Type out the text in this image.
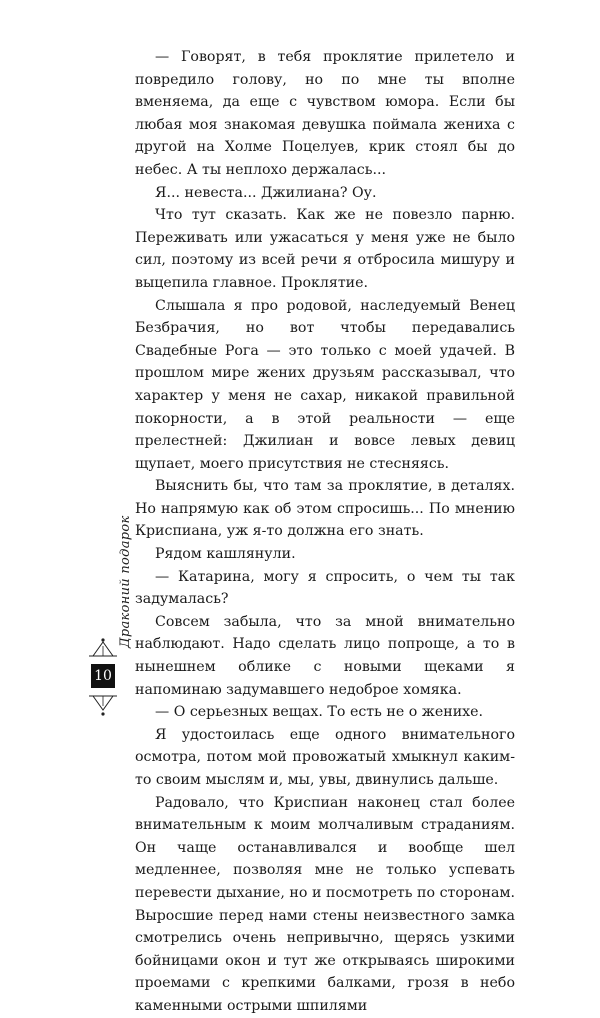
— Говорят, в тебя проклятие прилетело и повредило голову, но по мне ты вполне вменяема, да еще с чувством юмора. Если бы любая моя знакомая девушка поймала жениха с другой на Холме Поцелуев, крик стоял бы до небес. А ты неплохо держалась...

Я... невеста... Джилиана? Оу.

Что тут сказать. Как же не повезло парню. Переживать или ужасаться у меня уже не было сил, поэтому из всей речи я отбросила мишуру и выцепила главное. Проклятие.

Слышала я про родовой, наследуемый Венец Безбрачия, но вот чтобы передавались Свадебные Рога — это только с моей удачей. В прошлом мире жених друзьям рассказывал, что характер у меня не сахар, никакой правильной покорности, а в этой реальности — еще прелестней: Джилиан и вовсе левых девиц щупает, моего присутствия не стесняясь.

Выяснить бы, что там за проклятие, в деталях. Но напрямую как об этом спросишь... По мнению Криспиана, уж я-то должна его знать.

Рядом кашлянули.

— Катарина, могу я спросить, о чем ты так задумалась?

Совсем забыла, что за мной внимательно наблюдают. Надо сделать лицо попроще, а то в нынешнем облике с новыми щеками я напоминаю задумавшего недоброе хомяка.

— О серьезных вещах. То есть не о женихе.

Я удостоилась еще одного внимательного осмотра, потом мой провожатый хмыкнул каким-то своим мыслям и, мы, увы, двинулись дальше.

Радовало, что Криспиан наконец стал более внимательным к моим молчаливым страданиям. Он чаще останавливался и вообще шел медленнее, позволяя мне не только успевать перевести дыхание, но и посмотреть по сторонам. Выросшие перед нами стены неизвестного замка смотрелись очень непривычно, щерясь узкими бойницами окон и тут же открываясь широкими проемами с крепкими балками, грозя в небо каменными острыми шпилями

Драконий подарок
10
